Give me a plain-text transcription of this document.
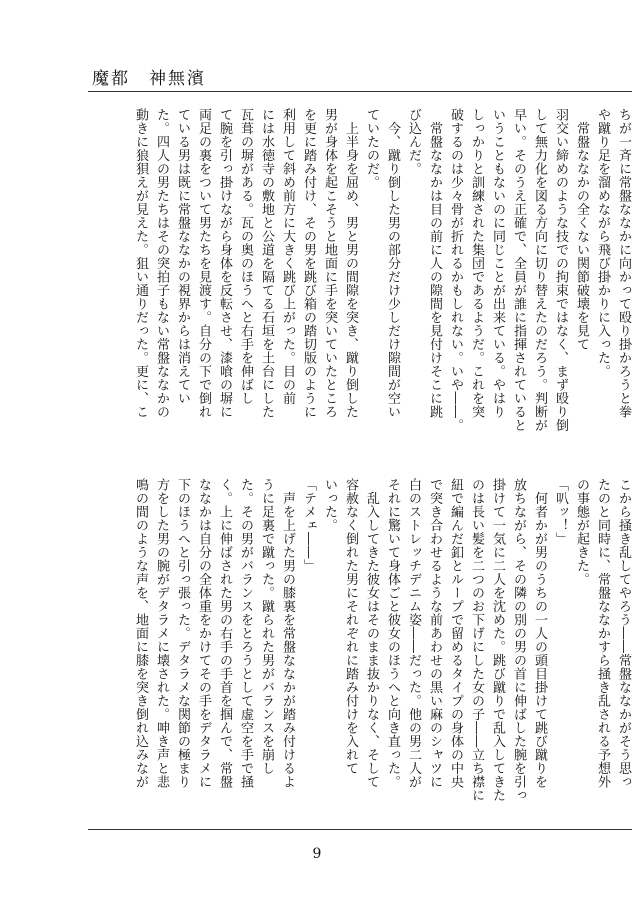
魔都　神無濱
ちが一斉に常盤ななかに向かって殴り掛かろうと拳
や蹴り足を溜めながら飛び掛かりに入った。
　常盤ななかの全くない関節破壊を見て
羽交い締めのような技での拘束ではなく、まず殴り倒
して無力化を図る方向に切り替えたのだろう。判断が
早い。そのうえ正確で、全員が誰に指揮されていると
いうこともないのに同じことが出来ている。やはり
しっかりと訓練された集団であるようだ。これを突
破するのは少々骨が折れるかもしれない。いや――。
　常盤ななかは目の前に人の隙間を見付けそこに跳
び込んだ。
　今、蹴り倒した男の部分だけ少しだけ隙間が空い
ていたのだ。
　上半身を屈め、男と男の間隙を突き、蹴り倒した
男が身体を起こそうと地面に手を突いていたところ
を更に踏み付け、その男を跳び箱の踏切版のように
利用して斜め前方に大きく跳び上がった。目の前
には水徳寺の敷地と公道を隔てる石垣を土台にした
瓦葺の塀がある。瓦の奥のほうへと右手を伸ばし
て腕を引っ掛けながら身体を反転させ、漆喰の塀に
両足の裏をついて男たちを見渡す。自分の下で倒れ
ている男は既に常盤ななかの視界からは消えてい
た。四人の男たちはその突拍子もない常盤ななかの
動きに狼狽えが見えた。狙い通りだった。更に、こ
こから掻き乱してやろう――常盤ななかがそう思っ
たのと同時に、常盤ななかすら掻き乱される予想外
の事態が起きた。
「叭ッ！」
　何者かが男のうちの一人の頭目掛けて跳び蹴りを
放ちながら、その隣の別の男の首に伸ばした腕を引っ
掛けて一気に二人を沈めた。跳び蹴りで乱入してきた
のは長い髪を二つのお下げにした女の子――立ち襟に
紐で編んだ釦とループで留めるタイプの身体の中央
で突き合わせるような前あわせの黒い麻のシャツに
白のストレッチデニム姿――だった。他の男二人が
それに驚いて身体ごと彼女のほうへと向き直った。
　乱入してきた彼女はそのまま抜かりなく、そして
容赦なく倒れた男にそれぞれに踏み付けを入れて
いった。
「テメェ――」
　声を上げた男の膝裏を常盤ななかが踏み付けるよ
うに足裏で蹴った。蹴られた男がバランスを崩し
た。その男がバランスをとろうとして虚空を手で掻
く。上に伸ばされた男の右手の手首を掴んで、常盤
ななかは自分の全体重をかけてその手をデタラメに
下のほうへと引っ張った。デタラメな関節の極まり
方をした男の腕がデタラメに壊された。呻き声と悲
鳴の間のような声を、地面に膝を突き倒れ込みなが
9
